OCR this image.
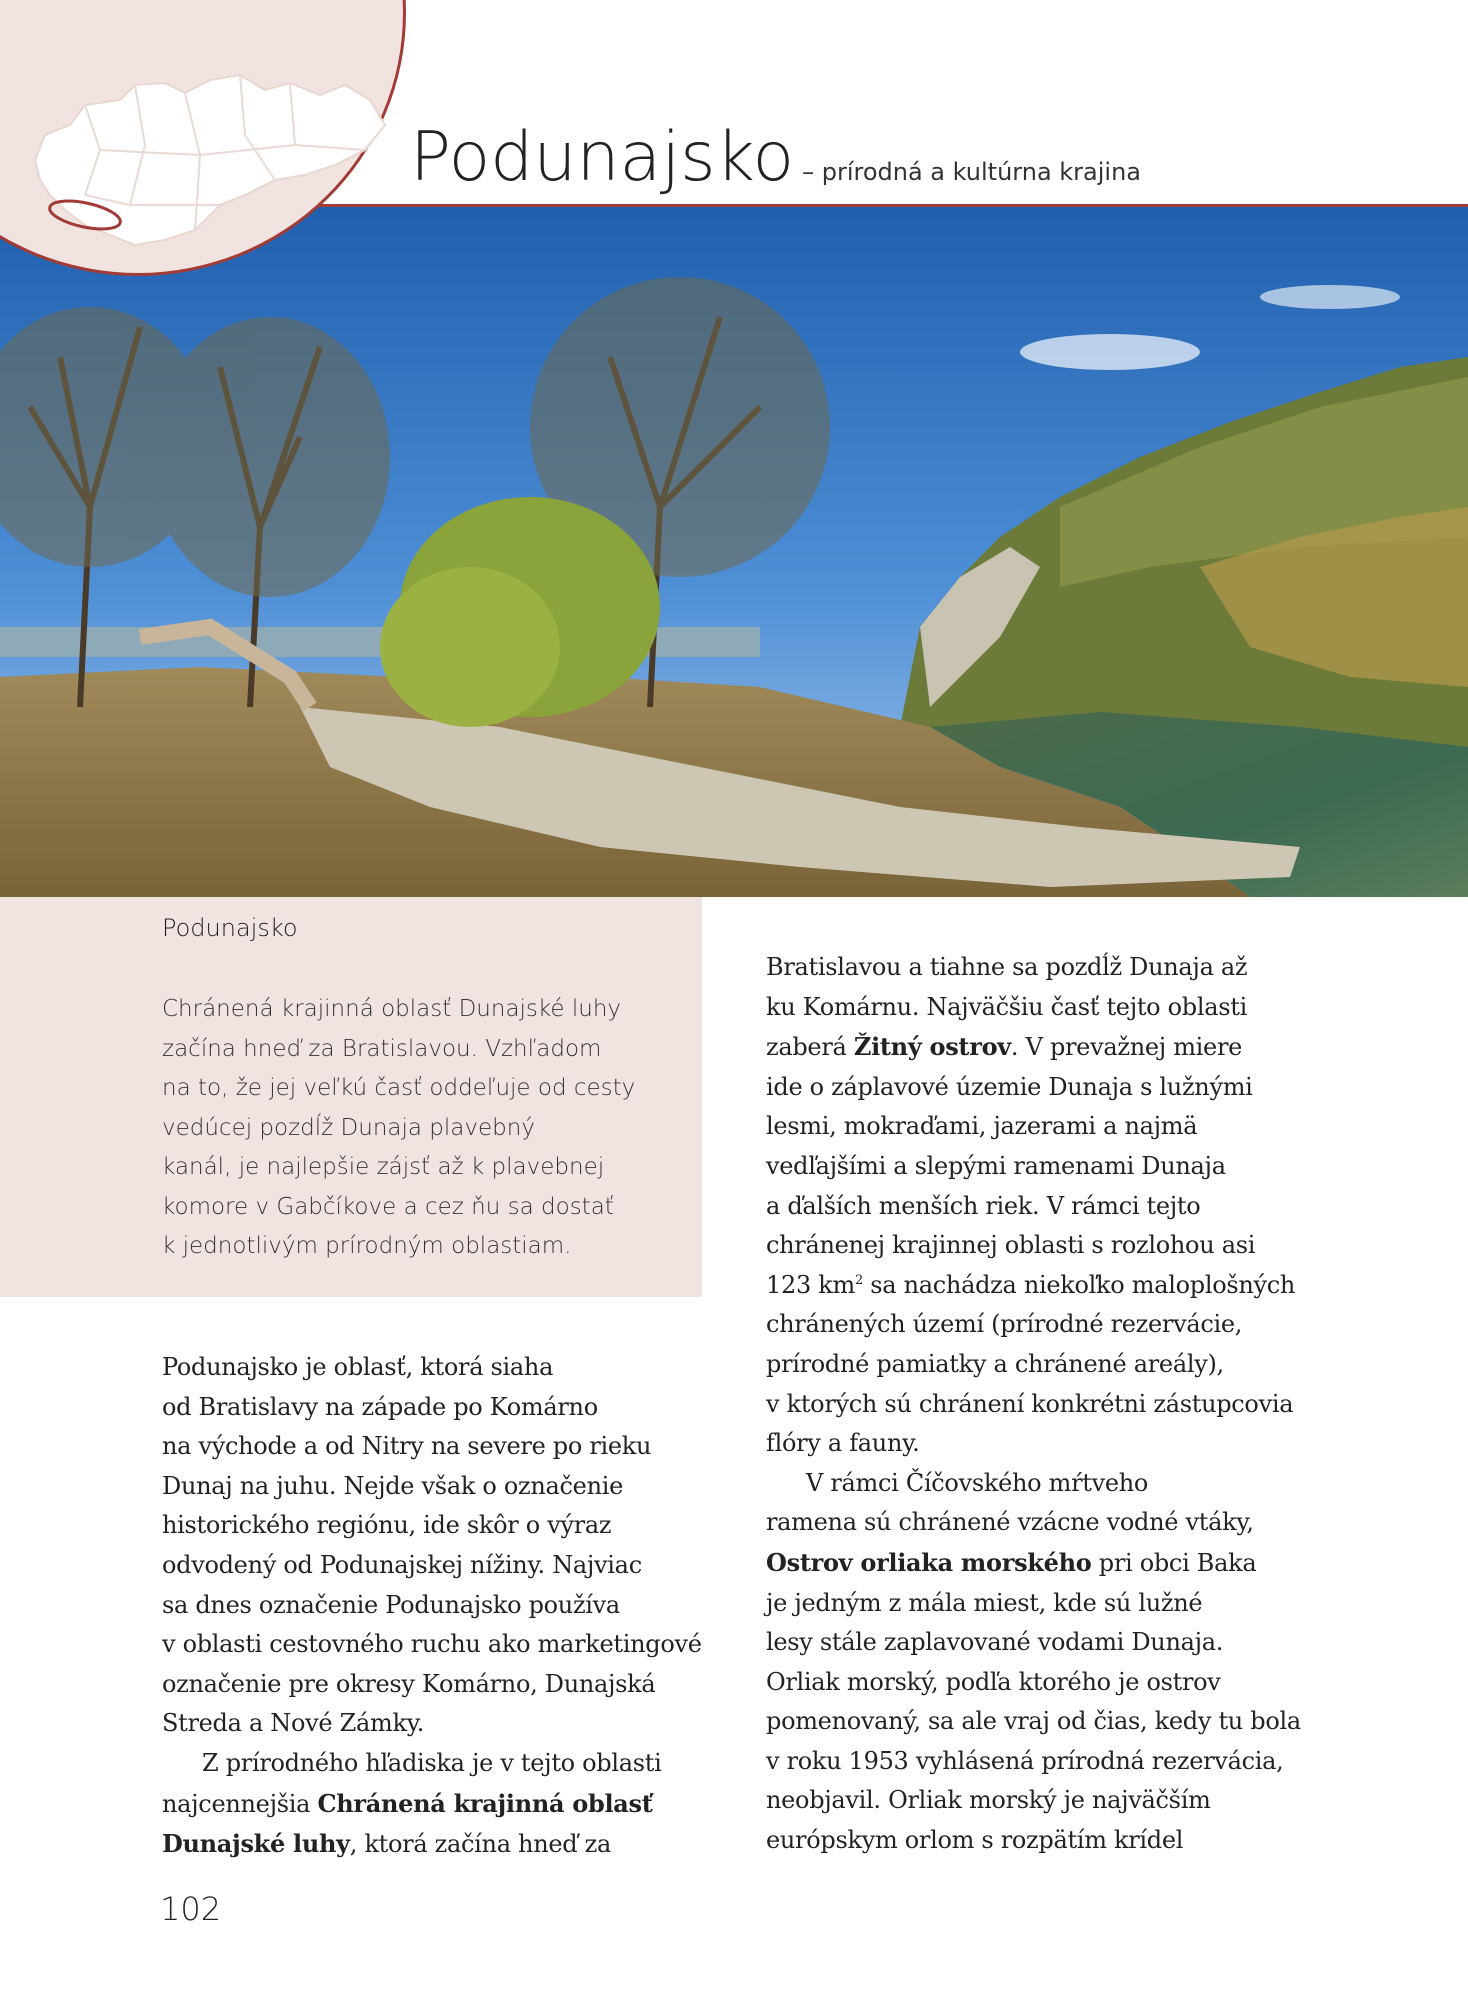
Podunajsko – prírodná a kultúrna krajina
Podunajsko
Chránená krajinná oblasť Dunajské luhy
začína hneď za Bratislavou. Vzhľadom
na to, že jej veľkú časť oddeľuje od cesty
vedúcej pozdĺž Dunaja plavebný
kanál, je najlepšie zájsť až k plavebnej
komore v Gabčíkove a cez ňu sa dostať
k jednotlivým prírodným oblastiam.
Podunajsko je oblasť, ktorá siaha
od Bratislavy na západe po Komárno
na východe a od Nitry na severe po rieku
Dunaj na juhu. Nejde však o označenie
historického regiónu, ide skôr o výraz
odvodený od Podunajskej nížiny. Najviac
sa dnes označenie Podunajsko používa
v oblasti cestovného ruchu ako marketingové
označenie pre okresy Komárno, Dunajská
Streda a Nové Zámky.
Z prírodného hľadiska je v tejto oblasti
najcennejšia Chránená krajinná oblasť
Dunajské luhy, ktorá začína hneď za
Bratislavou a tiahne sa pozdĺž Dunaja až
ku Komárnu. Najväčšiu časť tejto oblasti
zaberá Žitný ostrov. V prevažnej miere
ide o záplavové územie Dunaja s lužnými
lesmi, mokraďami, jazerami a najmä
vedľajšími a slepými ramenami Dunaja
a ďalších menších riek. V rámci tejto
chránenej krajinnej oblasti s rozlohou asi
123 $km^2$ sa nachádza niekoľko maloplošných
chránených území (prírodné rezervácie,
prírodné pamiatky a chránené areály),
v ktorých sú chránení konkrétni zástupcovia
flóry a fauny.
V rámci Číčovského mŕtveho
ramena sú chránené vzácne vodné vtáky,
Ostrov orliaka morského pri obci Baka
je jedným z mála miest, kde sú lužné
lesy stále zaplavované vodami Dunaja.
Orliak morský, podľa ktorého je ostrov
pomenovaný, sa ale vraj od čias, kedy tu bola
v roku 1953 vyhlásená prírodná rezervácia,
neobjavil. Orliak morský je najväčším
európskym orlom s rozpätím krídel
102
